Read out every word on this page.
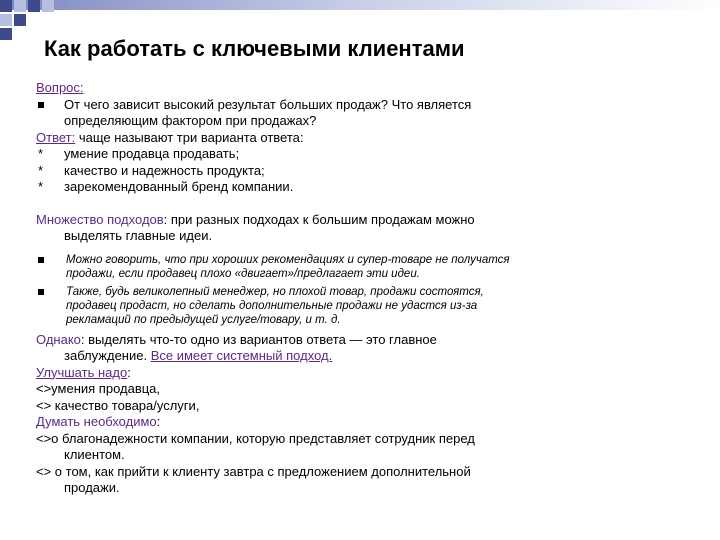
Как работать с ключевыми клиентами
Вопрос:
От чего зависит высокий результат больших продаж? Что является
определяющим фактором при продажах?
Ответ: чаще называют три варианта ответа:
* умение продавца продавать;
* качество и надежность продукта;
* зарекомендованный бренд компании.
Множество подходов: при разных подходах к большим продажам можно
выделять главные идеи.
Можно говорить, что при хороших рекомендациях и супер-товаре не получатся
продажи, если продавец плохо «двигает»/предлагает эти идеи.
Также, будь великолепный менеджер, но плохой товар, продажи состоятся,
продавец продаст, но сделать дополнительные продажи не удастся из-за
рекламаций по предыдущей услуге/товару, и т. д.
Однако: выделять что-то одно из вариантов ответа — это главное
заблуждение. Все имеет системный подход.
Улучшать надо:
<>умения продавца,
<> качество товара/услуги,
Думать необходимо:
<>о благонадежности компании, которую представляет сотрудник перед
клиентом.
<> о том, как прийти к клиенту завтра с предложением дополнительной
продажи.
